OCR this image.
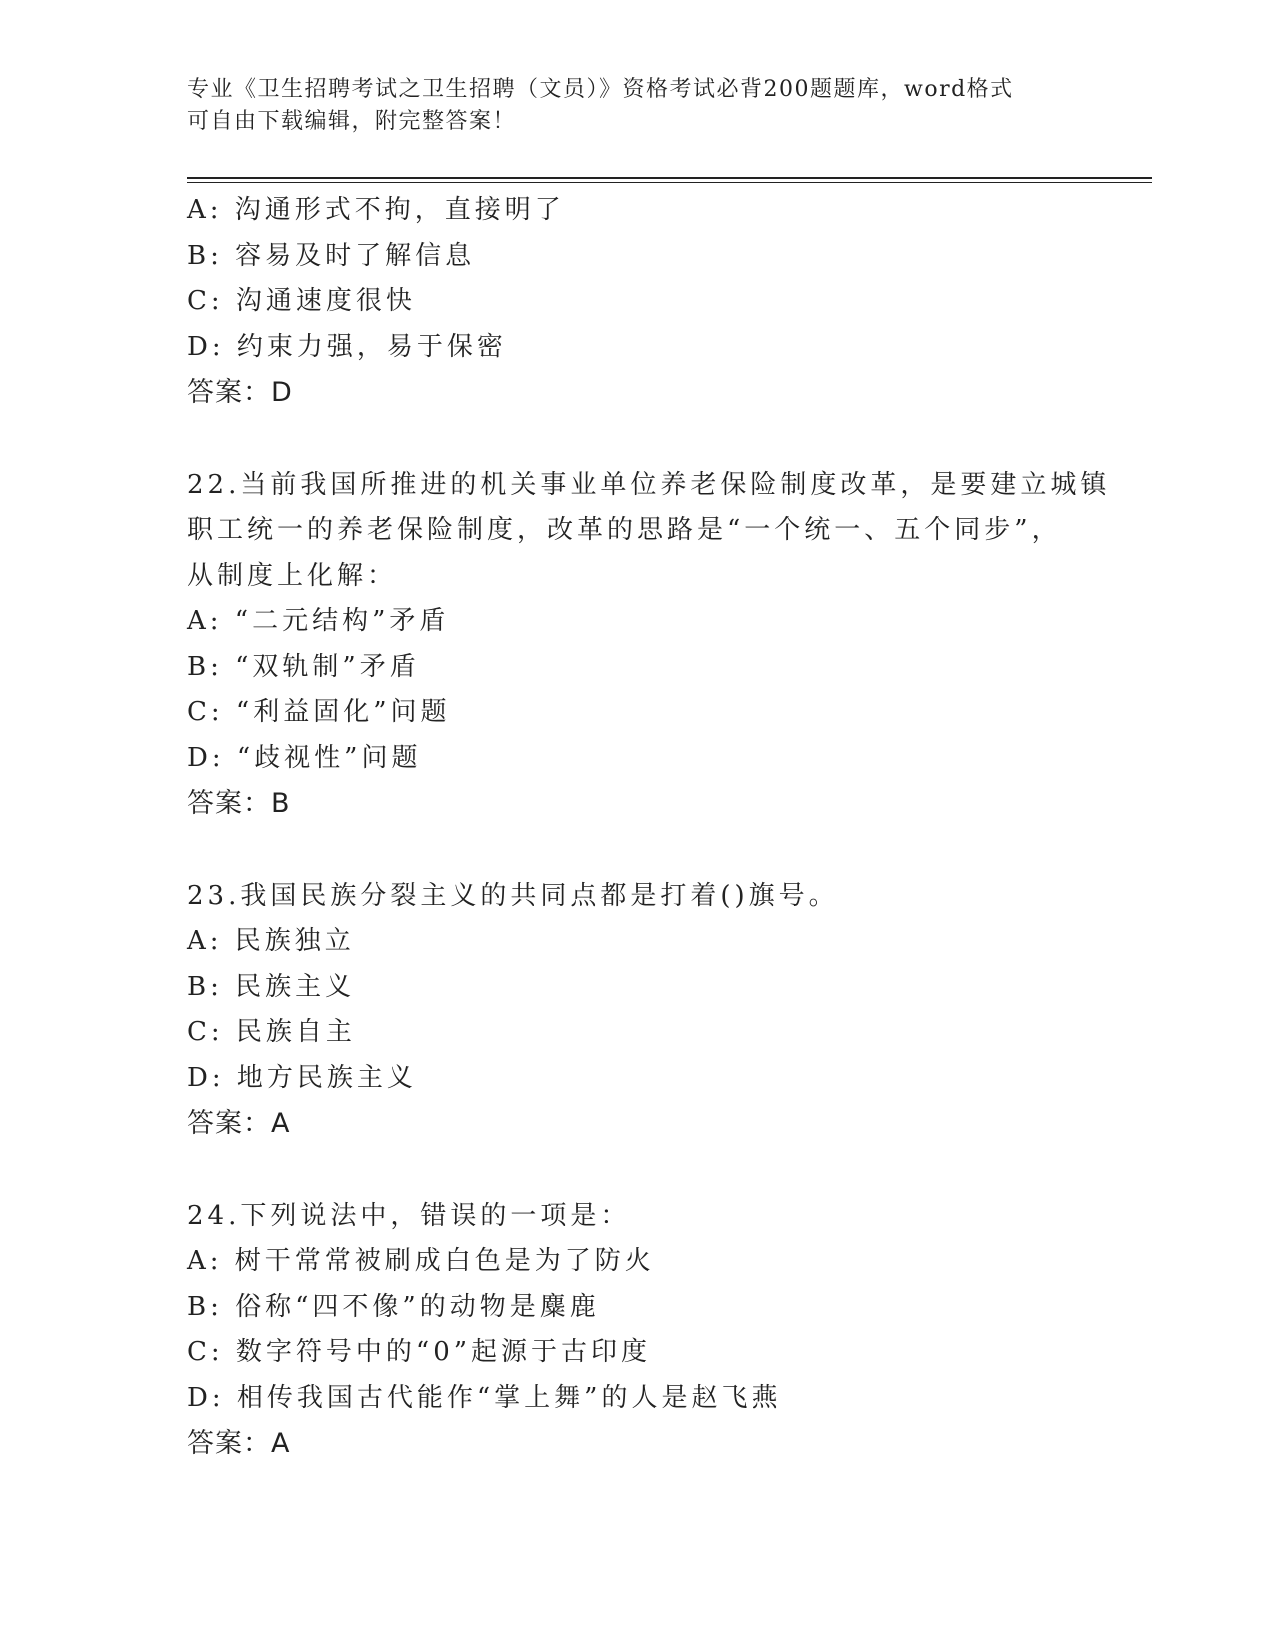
专业《卫生招聘考试之卫生招聘（文员）》资格考试必背200题题库，word格式
可自由下载编辑，附完整答案！
A: 沟通形式不拘，直接明了
B: 容易及时了解信息
C: 沟通速度很快
D: 约束力强，易于保密
答案：D
22.当前我国所推进的机关事业单位养老保险制度改革，是要建立城镇
职工统一的养老保险制度，改革的思路是“一个统一、五个同步”，
从制度上化解：
A: “二元结构”矛盾
B: “双轨制”矛盾
C: “利益固化”问题
D: “歧视性”问题
答案：B
23.我国民族分裂主义的共同点都是打着()旗号。
A: 民族独立
B: 民族主义
C: 民族自主
D: 地方民族主义
答案：A
24.下列说法中，错误的一项是：
A: 树干常常被刷成白色是为了防火
B: 俗称“四不像”的动物是麋鹿
C: 数字符号中的“0”起源于古印度
D: 相传我国古代能作“掌上舞”的人是赵飞燕
答案：A
